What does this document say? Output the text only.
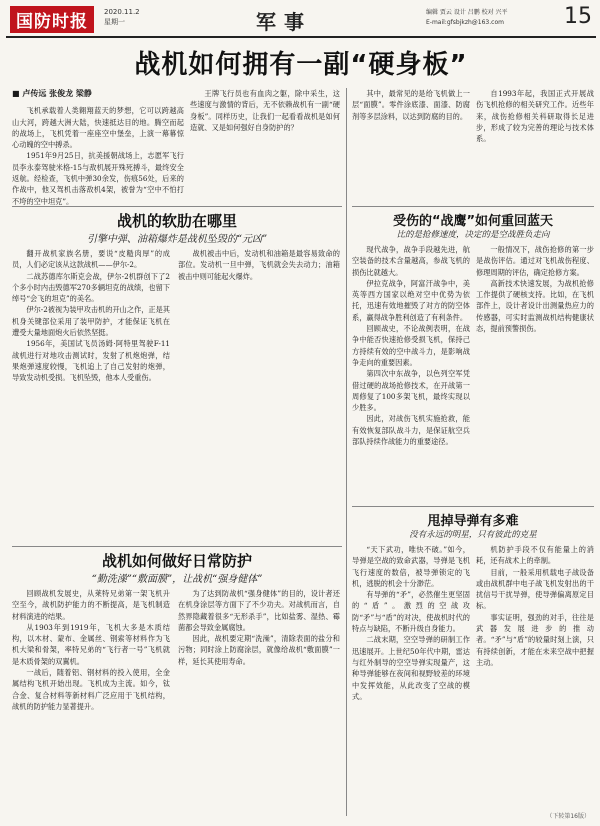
国防时报	2020.11.2
星期一	军事	编辑 贾云 设计 吕鹏 校对 兴平
E-mail:gfsbjkzh@163.com	15
战机如何拥有一副“硬身板”
■ 卢传远 张俊龙 梁静

飞机承载着人类翱翔蓝天的梦想，它可以跨越高山大河，跨越大洲大陆，快速抵达目的地。腾空而起的战场上，飞机凭着一座座空中堡垒，上演一幕幕惊心动魄的空中搏杀。

1951年9月25日，抗美援朝战场上，志愿军飞行员李永泰驾驶米格-15与敌机展开殊死搏斗，最终安全返航。经检查，飞机中弹30余发，伤痕56处，后来的作战中，他又驾机击落敌机4架，被誉为“空中不怕打不垮的空中坦克”。

王牌飞行员也有血肉之躯，除中采生，这些速度与激情的背后，无不依赖战机有一副“硬身板”。同样历史，让我们一起看看战机是如何造就、又是如何强好自身防护的？

战机的软肋在哪里
引擎中弹、油箱爆炸是战机坠毁的“元凶”

翻开战机家族名册，要说“皮糙肉厚”的成员，人们必定该从这款战机——伊尔-2。

二战苏德库尔斯克会战，伊尔-2机群创下了2个多小时内击毁德军270多辆坦克的战绩，也留下绰号“会飞的坦克”的美名。

伊尔-2被视为装甲攻击机的开山之作，正是其机身关键部位采用了装甲防护，才能保证飞机在遭受大量地面炮火后依然坚挺。

1956年，美国试飞员汤姆·阿特里驾驶F-11战机进行对地攻击测试时，发射了机炮炮弹，结果炮弹速度较慢，飞机追上了自己发射的炮弹，导致发动机受损。飞机坠毁，他本人受重伤。

战机被击中后，发动机和油箱是最容易致命的部位。发动机一旦中弹，飞机就会失去动力；油箱被击中则可能起火爆炸。

战机如何做好日常防护
“勤洗澡”“敷面膜”，让战机“强身健体”

回顾战机发展史，从莱特兄弟第一架飞机升空至今，战机防护能力的不断提高，是飞机制造材料演进的结果。

从1903年到1919年，飞机大多是木质结构，以木材、蒙布、金属丝、钢索等材料作为飞机大梁和骨架，率特兄弟的“飞行者一号”飞机就是木质骨架的双翼机。

一战后，随着铝、钢材料的投入使用，全金属结构飞机开始出现。飞机成为主流。如今，钛合金、复合材料等新材料广泛应用于飞机结构，战机的防护能力显著提升。

为了达到防战机“强身健体”的目的，设计者还在机身涂层等方面下了不少功夫。对战机而言，自然界隐藏着很多“无形杀手”，比如盐雾、湿热、霉菌都会导致金属腐蚀。

因此，战机要定期“洗澡”，清除表面的盐分和污物；同时涂上防腐涂层，就像给战机“敷面膜”一样，延长其使用寿命。

其中，最常见的是给飞机做上一层“面膜”。零件涂底漆、面漆、防腐剂等多层涂料，以达到防腐的目的。

自1993年起，我国正式开展战伤飞机抢修的相关研究工作。近些年来，战伤抢修相关科研取得长足进步，形成了较为完善的理论与技术体系。

受伤的“战鹰”如何重回蓝天
比的是抢修速度，决定的是空战胜负走向

现代战争，战争手段越先进，航空装备的技术含量越高，参战飞机的损伤比就越大。

伊拉克战争，阿富汗战争中，美英等西方国家以绝对空中优势为依托，迅速有效地摧毁了对方的防空体系，赢得战争胜利创造了有利条件。

回顾战史，不论战例表明，在战争中能否快速抢修受损飞机，保持己方持续有效的空中战斗力，是影响战争走向的重要因素。

第四次中东战争，以色列空军凭借过硬的战场抢修技术，在开战第一周修复了100多架飞机，最终实现以少胜多。

因此，对战伤飞机实施抢救，能有效恢复部队战斗力，是保证航空兵部队持续作战能力的重要途径。

一般情况下，战伤抢修的第一步是战伤评估。通过对飞机战伤程度、修理周期的评估，确定抢修方案。

高新技术快速发展，为战机抢修工作提供了硬核支持。比如，在飞机部件上，设计者设计出测量热应力的传感器，可实时监测战机结构健康状态，提前预警损伤。

甩掉导弹有多难
没有永远的明星，只有彼此的克星

“天下武功，唯快不破。”如今，导弹是空战的致命武器，导弹是飞机飞行速度的数倍，被导弹锁定的飞机，逃脱的机会十分渺茫。

有导弹的“矛”，必然催生更坚固的“盾”。激烈的空战攻防“矛”与“盾”的对决，使战机时代的特点与缺陷，不断升级自身能力。

二战末期，空空导弹的研制工作迅速展开。上世纪50年代中期，雷达与红外制导的空空导弹实现量产，这种导弹能够在夜间和视野较差的环境中发挥效能，从此改变了空战的模式。

机防护手段不仅有能量上的消耗，还有战术上的牵制。

目前，一般采用机载电子战设备或由战机群中电子战飞机发射出的干扰信号干扰导弹，使导弹偏离原定目标。

事实证明，强劲的对手，往往是武器发展进步的推动者。“矛”与“盾”的较量时刻上演，只有持续创新，才能在未来空战中把握主动。

（下转第16版）
